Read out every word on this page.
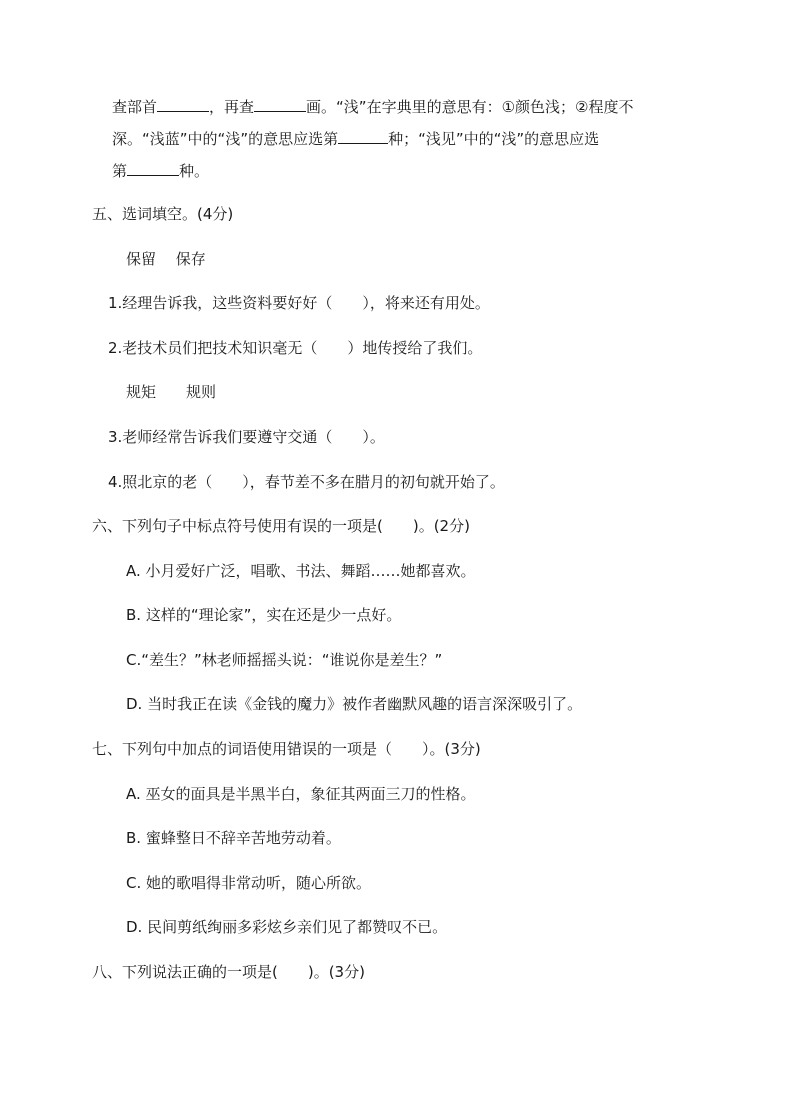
查部首	，再查	画。“浅”在字典里的意思有：①颜色浅；②程度不
深。“浅蓝”中的“浅”的意思应选第	种；“浅见”中的“浅”的意思应选
第	种。
五、选词填空。(4分)
保留　 保存
1.经理告诉我，这些资料要好好（　　），将来还有用处。
2.老技术员们把技术知识毫无（　　）地传授给了我们。
规矩　　规则
3.老师经常告诉我们要遵守交通（　　）。
4.照北京的老（　　），春节差不多在腊月的初旬就开始了。
六、下列句子中标点符号使用有误的一项是(　　)。(2分)
A. 小月爱好广泛，唱歌、书法、舞蹈……她都喜欢。
B. 这样的“理论家”，实在还是少一点好。
C.“差生？”林老师摇摇头说：“谁说你是差生？”
D. 当时我正在读《金钱的魔力》被作者幽默风趣的语言深深吸引了。
七、下列句中加点的词语使用错误的一项是（　　）。(3分)
A. 巫女的面具是半黑半白，象征其两面三刀的性格。
B. 蜜蜂整日不辞辛苦地劳动着。
C. 她的歌唱得非常动听，随心所欲。
D. 民间剪纸绚丽多彩炫乡亲们见了都赞叹不已。
八、下列说法正确的一项是(　　)。(3分)
